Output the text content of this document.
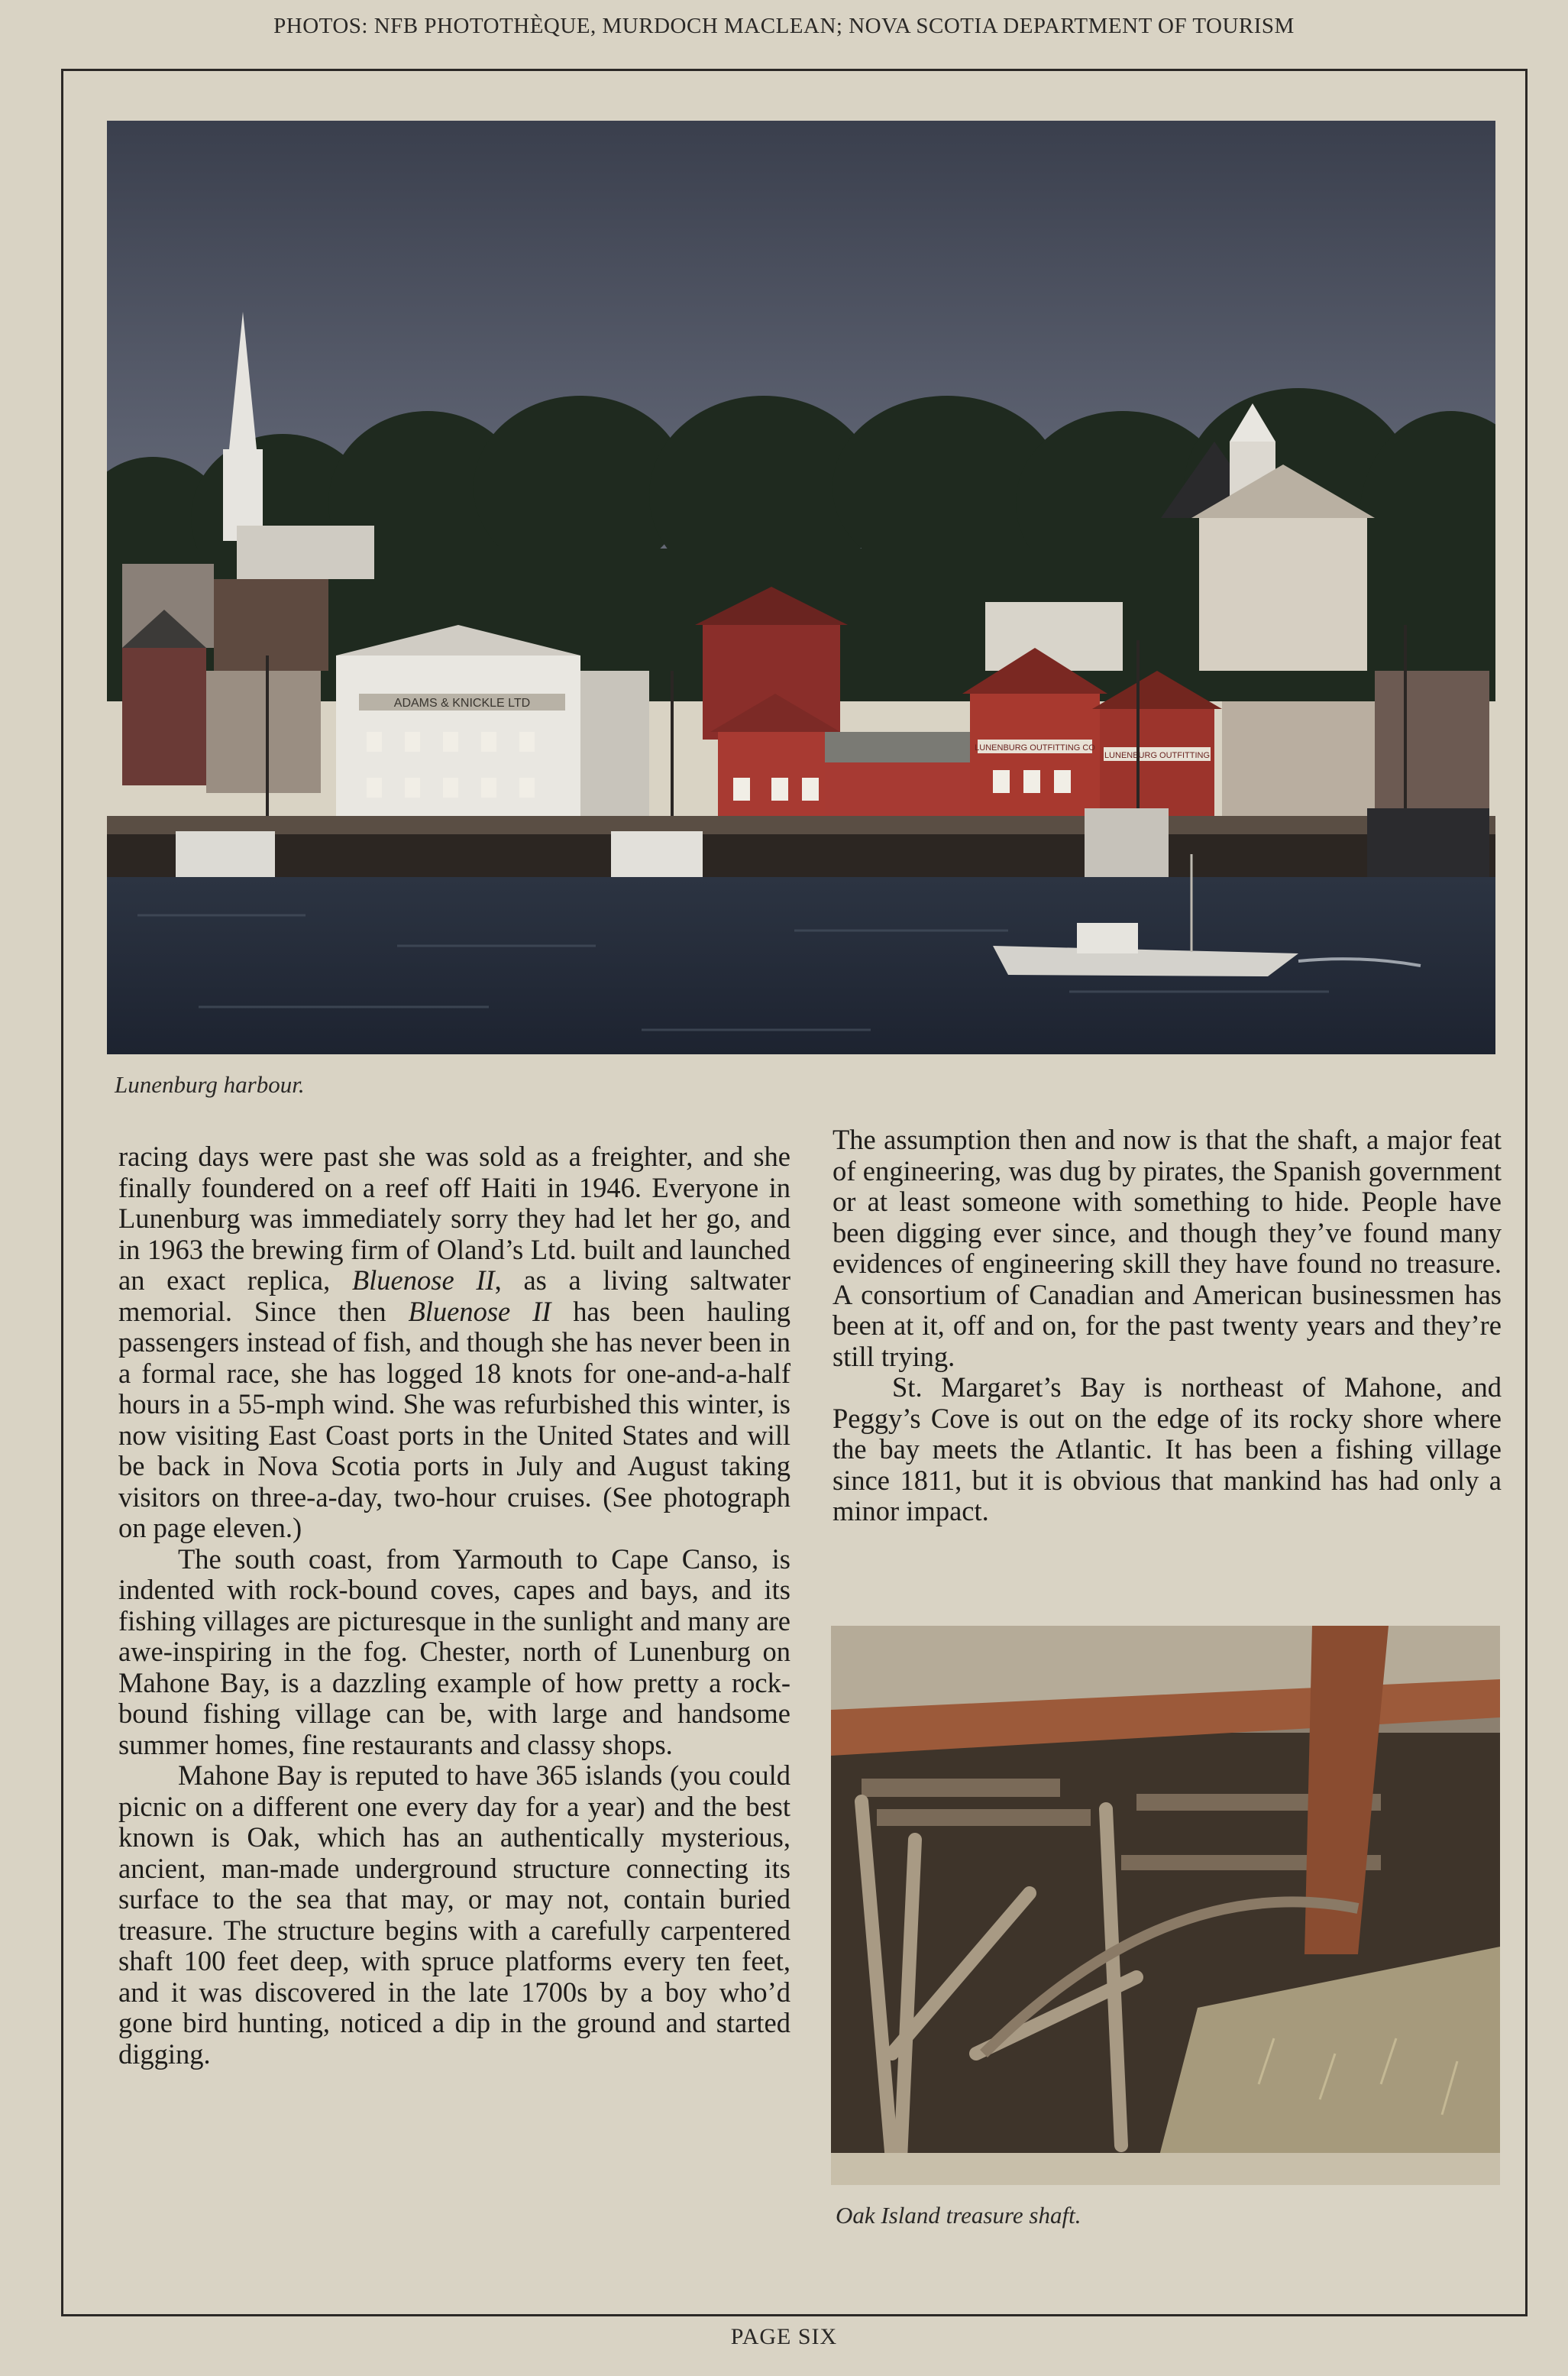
PHOTOS: NFB PHOTOTHÈQUE, MURDOCH MACLEAN; NOVA SCOTIA DEPARTMENT OF TOURISM
ADAMS & KNICKLE LTD
LUNENBURG OUTFITTING CO
LUNENBURG OUTFITTING
Lunenburg harbour.

racing days were past she was sold as a freighter, and she finally foundered on a reef off Haiti in 1946. Everyone in Lunenburg was immediately sorry they had let her go, and in 1963 the brewing firm of Oland’s Ltd. built and launched an exact replica, Bluenose II, as a living saltwater memorial. Since then Bluenose II has been hauling passengers instead of fish, and though she has never been in a formal race, she has logged 18 knots for one-and-a-half hours in a 55-mph wind. She was refurbished this winter, is now visiting East Coast ports in the United States and will be back in Nova Scotia ports in July and August taking visitors on three-a-day, two-hour cruises. (See photograph on page eleven.)

The south coast, from Yarmouth to Cape Canso, is indented with rock-bound coves, capes and bays, and its fishing villages are picturesque in the sunlight and many are awe-inspiring in the fog. Chester, north of Lunenburg on Mahone Bay, is a dazzling example of how pretty a rock-bound fishing village can be, with large and handsome summer homes, fine restaurants and classy shops.

Mahone Bay is reputed to have 365 islands (you could picnic on a different one every day for a year) and the best known is Oak, which has an authentically mysterious, ancient, man-made underground structure connecting its surface to the sea that may, or may not, contain buried treasure. The structure begins with a carefully carpentered shaft 100 feet deep, with spruce platforms every ten feet, and it was discovered in the late 1700s by a boy who’d gone bird hunting, noticed a dip in the ground and started digging.

The assumption then and now is that the shaft, a major feat of engineering, was dug by pirates, the Spanish government or at least someone with something to hide. People have been digging ever since, and though they’ve found many evidences of engineering skill they have found no treasure. A consortium of Canadian and American businessmen has been at it, off and on, for the past twenty years and they’re still trying.

St. Margaret’s Bay is northeast of Mahone, and Peggy’s Cove is out on the edge of its rocky shore where the bay meets the Atlantic. It has been a fishing village since 1811, but it is obvious that mankind has had only a minor impact.

Oak Island treasure shaft.
PAGE SIX
